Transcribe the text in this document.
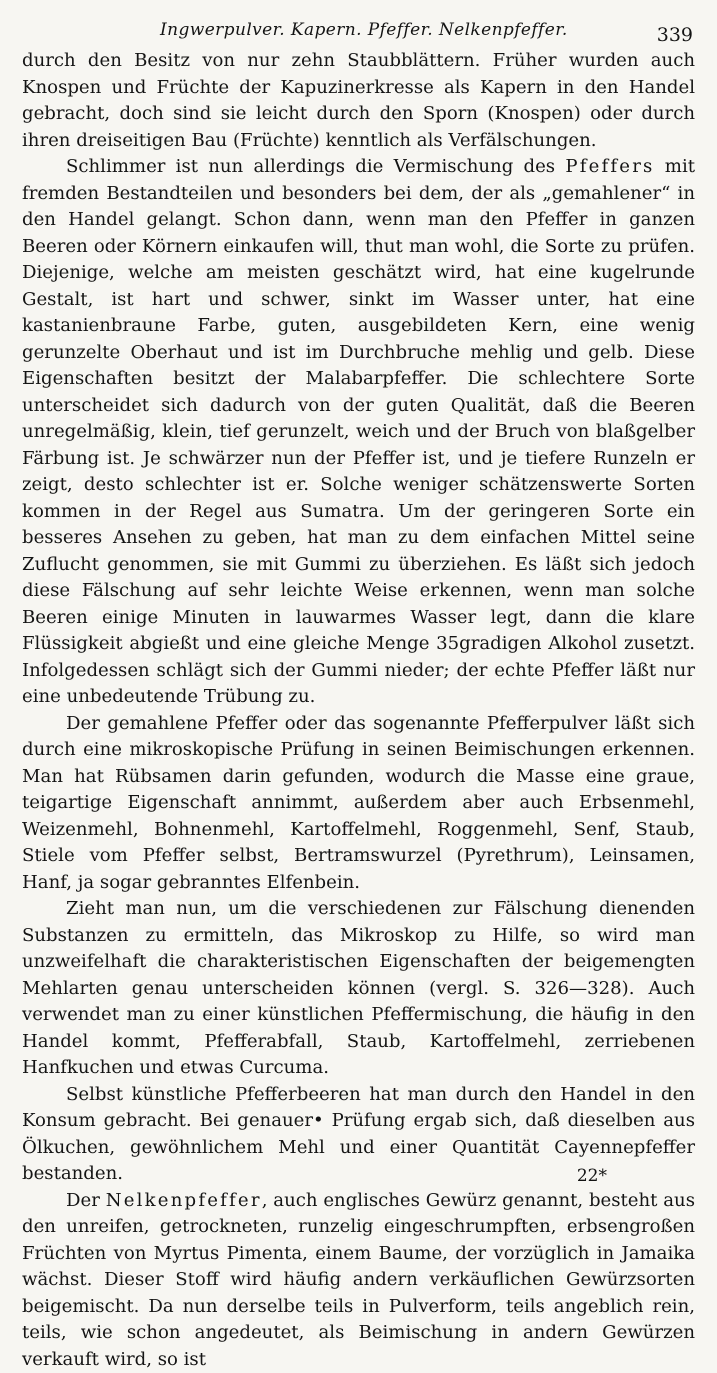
Ingwerpulver. Kapern. Pfeffer. Nelkenpfeffer.	339

durch den Besitz von nur zehn Staubblättern. Früher wurden auch Knospen und Früchte der Kapuzinerkresse als Kapern in den Handel gebracht, doch sind sie leicht durch den Sporn (Knospen) oder durch ihren dreiseitigen Bau (Früchte) kenntlich als Verfälschungen.

Schlimmer ist nun allerdings die Vermischung des Pfeffers mit fremden Bestandteilen und besonders bei dem, der als „gemahlener“ in den Handel gelangt. Schon dann, wenn man den Pfeffer in ganzen Beeren oder Körnern einkaufen will, thut man wohl, die Sorte zu prüfen. Diejenige, welche am meisten geschätzt wird, hat eine kugelrunde Gestalt, ist hart und schwer, sinkt im Wasser unter, hat eine kastanienbraune Farbe, guten, ausgebildeten Kern, eine wenig gerunzelte Oberhaut und ist im Durchbruche mehlig und gelb. Diese Eigenschaften besitzt der Malabarpfeffer. Die schlechtere Sorte unterscheidet sich dadurch von der guten Qualität, daß die Beeren unregelmäßig, klein, tief gerunzelt, weich und der Bruch von blaßgelber Färbung ist. Je schwärzer nun der Pfeffer ist, und je tiefere Runzeln er zeigt, desto schlechter ist er. Solche weniger schätzenswerte Sorten kommen in der Regel aus Sumatra. Um der geringeren Sorte ein besseres Ansehen zu geben, hat man zu dem einfachen Mittel seine Zuflucht genommen, sie mit Gummi zu überziehen. Es läßt sich jedoch diese Fälschung auf sehr leichte Weise erkennen, wenn man solche Beeren einige Minuten in lauwarmes Wasser legt, dann die klare Flüssigkeit abgießt und eine gleiche Menge 35gradigen Alkohol zusetzt. Infolgedessen schlägt sich der Gummi nieder; der echte Pfeffer läßt nur eine unbedeutende Trübung zu.

Der gemahlene Pfeffer oder das sogenannte Pfefferpulver läßt sich durch eine mikroskopische Prüfung in seinen Beimischungen erkennen. Man hat Rübsamen darin gefunden, wodurch die Masse eine graue, teigartige Eigenschaft annimmt, außerdem aber auch Erbsenmehl, Weizenmehl, Bohnenmehl, Kartoffelmehl, Roggenmehl, Senf, Staub, Stiele vom Pfeffer selbst, Bertramswurzel (Pyrethrum), Leinsamen, Hanf, ja sogar gebranntes Elfenbein.

Zieht man nun, um die verschiedenen zur Fälschung dienenden Substanzen zu ermitteln, das Mikroskop zu Hilfe, so wird man unzweifelhaft die charakteristischen Eigenschaften der beigemengten Mehlarten genau unterscheiden können (vergl. S. 326—328). Auch verwendet man zu einer künstlichen Pfeffermischung, die häufig in den Handel kommt, Pfefferabfall, Staub, Kartoffelmehl, zerriebenen Hanfkuchen und etwas Curcuma.

Selbst künstliche Pfefferbeeren hat man durch den Handel in den Konsum gebracht. Bei genauer• Prüfung ergab sich, daß dieselben aus Ölkuchen, gewöhnlichem Mehl und einer Quantität Cayennepfeffer bestanden.

Der Nelkenpfeffer, auch englisches Gewürz genannt, besteht aus den unreifen, getrockneten, runzelig eingeschrumpften, erbsengroßen Früchten von Myrtus Pimenta, einem Baume, der vorzüglich in Jamaika wächst. Dieser Stoff wird häufig andern verkäuflichen Gewürzsorten beigemischt. Da nun derselbe teils in Pulverform, teils angeblich rein, teils, wie schon angedeutet, als Beimischung in andern Gewürzen verkauft wird, so ist

22*
